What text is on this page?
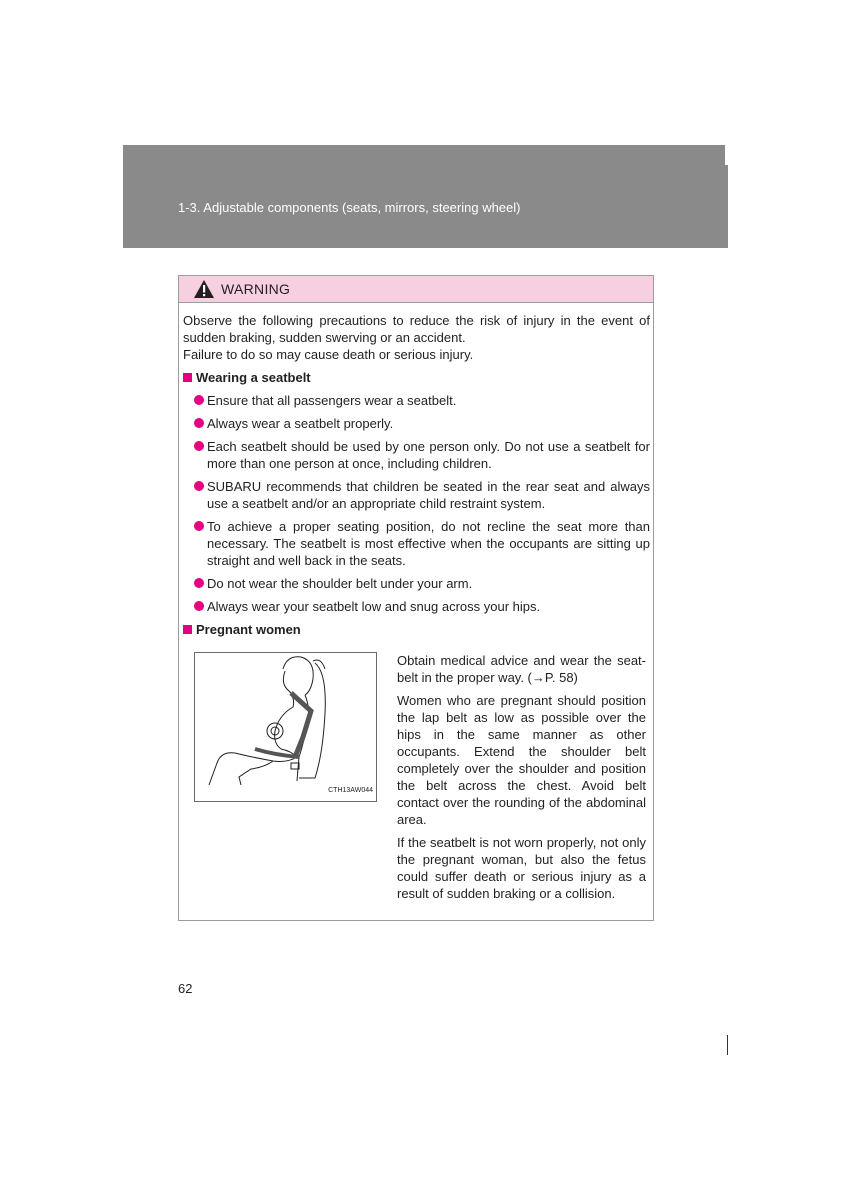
1-3. Adjustable components (seats, mirrors, steering wheel)
WARNING

Observe the following precautions to reduce the risk of injury in the event of sudden braking, sudden swerving or an accident.

Failure to do so may cause death or serious injury.

Wearing a seatbelt
Ensure that all passengers wear a seatbelt.
Always wear a seatbelt properly.
Each seatbelt should be used by one person only. Do not use a seatbelt for more than one person at once, including children.
SUBARU recommends that children be seated in the rear seat and always use a seatbelt and/or an appropriate child restraint system.
To achieve a proper seating position, do not recline the seat more than necessary. The seatbelt is most effective when the occupants are sitting up straight and well back in the seats.
Do not wear the shoulder belt under your arm.
Always wear your seatbelt low and snug across your hips.
Pregnant women
CTH13AW044

Obtain medical advice and wear the seat-belt in the proper way. (→P. 58)

Women who are pregnant should position the lap belt as low as possible over the hips in the same manner as other occupants. Extend the shoulder belt completely over the shoulder and position the belt across the chest. Avoid belt contact over the rounding of the abdominal area.

If the seatbelt is not worn properly, not only the pregnant woman, but also the fetus could suffer death or serious injury as a result of sudden braking or a collision.

62
